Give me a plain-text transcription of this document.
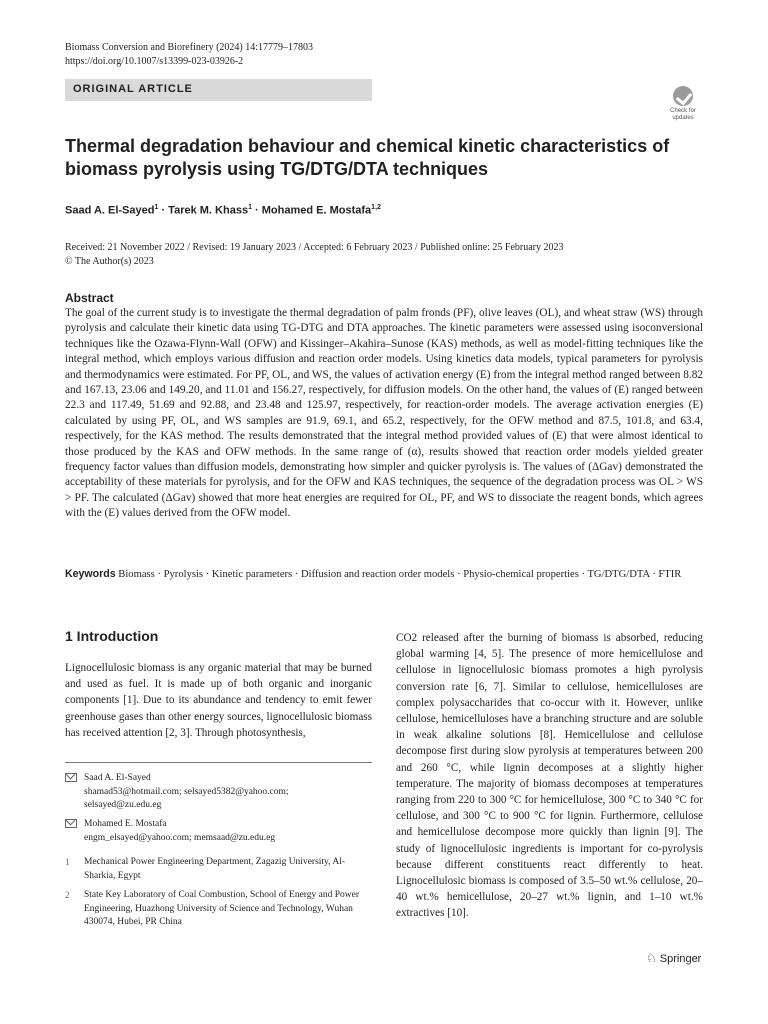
Biomass Conversion and Biorefinery (2024) 14:17779–17803
https://doi.org/10.1007/s13399-023-03926-2
ORIGINAL ARTICLE
Check for
updates
Thermal degradation behaviour and chemical kinetic characteristics of biomass pyrolysis using TG/DTG/DTA techniques
Saad A. El-Sayed$^1$ · Tarek M. Khass$^1$ · Mohamed E. Mostafa$^{1,2}$
Received: 21 November 2022 / Revised: 19 January 2023 / Accepted: 6 February 2023 / Published online: 25 February 2023
© The Author(s) 2023
Abstract
The goal of the current study is to investigate the thermal degradation of palm fronds (PF), olive leaves (OL), and wheat straw (WS) through pyrolysis and calculate their kinetic data using TG-DTG and DTA approaches. The kinetic parameters were assessed using isoconversional techniques like the Ozawa-Flynn-Wall (OFW) and Kissinger–Akahira–Sunose (KAS) methods, as well as model-fitting techniques like the integral method, which employs various diffusion and reaction order models. Using kinetics data models, typical parameters for pyrolysis and thermodynamics were estimated. For PF, OL, and WS, the values of activation energy (E) from the integral method ranged between 8.82 and 167.13, 23.06 and 149.20, and 11.01 and 156.27, respectively, for diffusion models. On the other hand, the values of (E) ranged between 22.3 and 117.49, 51.69 and 92.88, and 23.48 and 125.97, respectively, for reaction-order models. The average activation energies (E) calculated by using PF, OL, and WS samples are 91.9, 69.1, and 65.2, respectively, for the OFW method and 87.5, 101.8, and 63.4, respectively, for the KAS method. The results demonstrated that the integral method provided values of (E) that were almost identical to those produced by the KAS and OFW methods. In the same range of (α), results showed that reaction order models yielded greater frequency factor values than diffusion models, demonstrating how simpler and quicker pyrolysis is. The values of (ΔGav) demonstrated the acceptability of these materials for pyrolysis, and for the OFW and KAS techniques, the sequence of the degradation process was OL > WS > PF. The calculated (ΔGav) showed that more heat energies are required for OL, PF, and WS to dissociate the reagent bonds, which agrees with the (E) values derived from the OFW model.
Keywords Biomass · Pyrolysis · Kinetic parameters · Diffusion and reaction order models · Physio-chemical properties · TG/DTG/DTA · FTIR
1 Introduction
Lignocellulosic biomass is any organic material that may be burned and used as fuel. It is made up of both organic and inorganic components [1]. Due to its abundance and tendency to emit fewer greenhouse gases than other energy sources, lignocellulosic biomass has received attention [2, 3]. Through photosynthesis,
CO2 released after the burning of biomass is absorbed, reducing global warming [4, 5]. The presence of more hemicellulose and cellulose in lignocellulosic biomass promotes a high pyrolysis conversion rate [6, 7]. Similar to cellulose, hemicelluloses are complex polysaccharides that co-occur with it. However, unlike cellulose, hemicelluloses have a branching structure and are soluble in weak alkaline solutions [8]. Hemicellulose and cellulose decompose first during slow pyrolysis at temperatures between 200 and 260 °C, while lignin decomposes at a slightly higher temperature. The majority of biomass decomposes at temperatures ranging from 220 to 300 °C for hemicellulose, 300 °C to 340 °C for cellulose, and 300 °C to 900 °C for lignin. Furthermore, cellulose and hemicellulose decompose more quickly than lignin [9]. The study of lignocellulosic ingredients is important for co-pyrolysis because different constituents react differently to heat. Lignocellulosic biomass is composed of 3.5–50 wt.% cellulose, 20–40 wt.% hemicellulose, 20–27 wt.% lignin, and 1–10 wt.% extractives [10].
Saad A. El-Sayed
shamad53@hotmail.com; selsayed5382@yahoo.com; selsayed@zu.edu.eg
Mohamed E. Mostafa
engm_elsayed@yahoo.com; memsaad@zu.edu.eg
1 Mechanical Power Engineering Department, Zagazig University, Al-Sharkia, Egypt
2 State Key Laboratory of Coal Combustion, School of Energy and Power Engineering, Huazhong University of Science and Technology, Wuhan 430074, Hubei, PR China
♘ Springer
